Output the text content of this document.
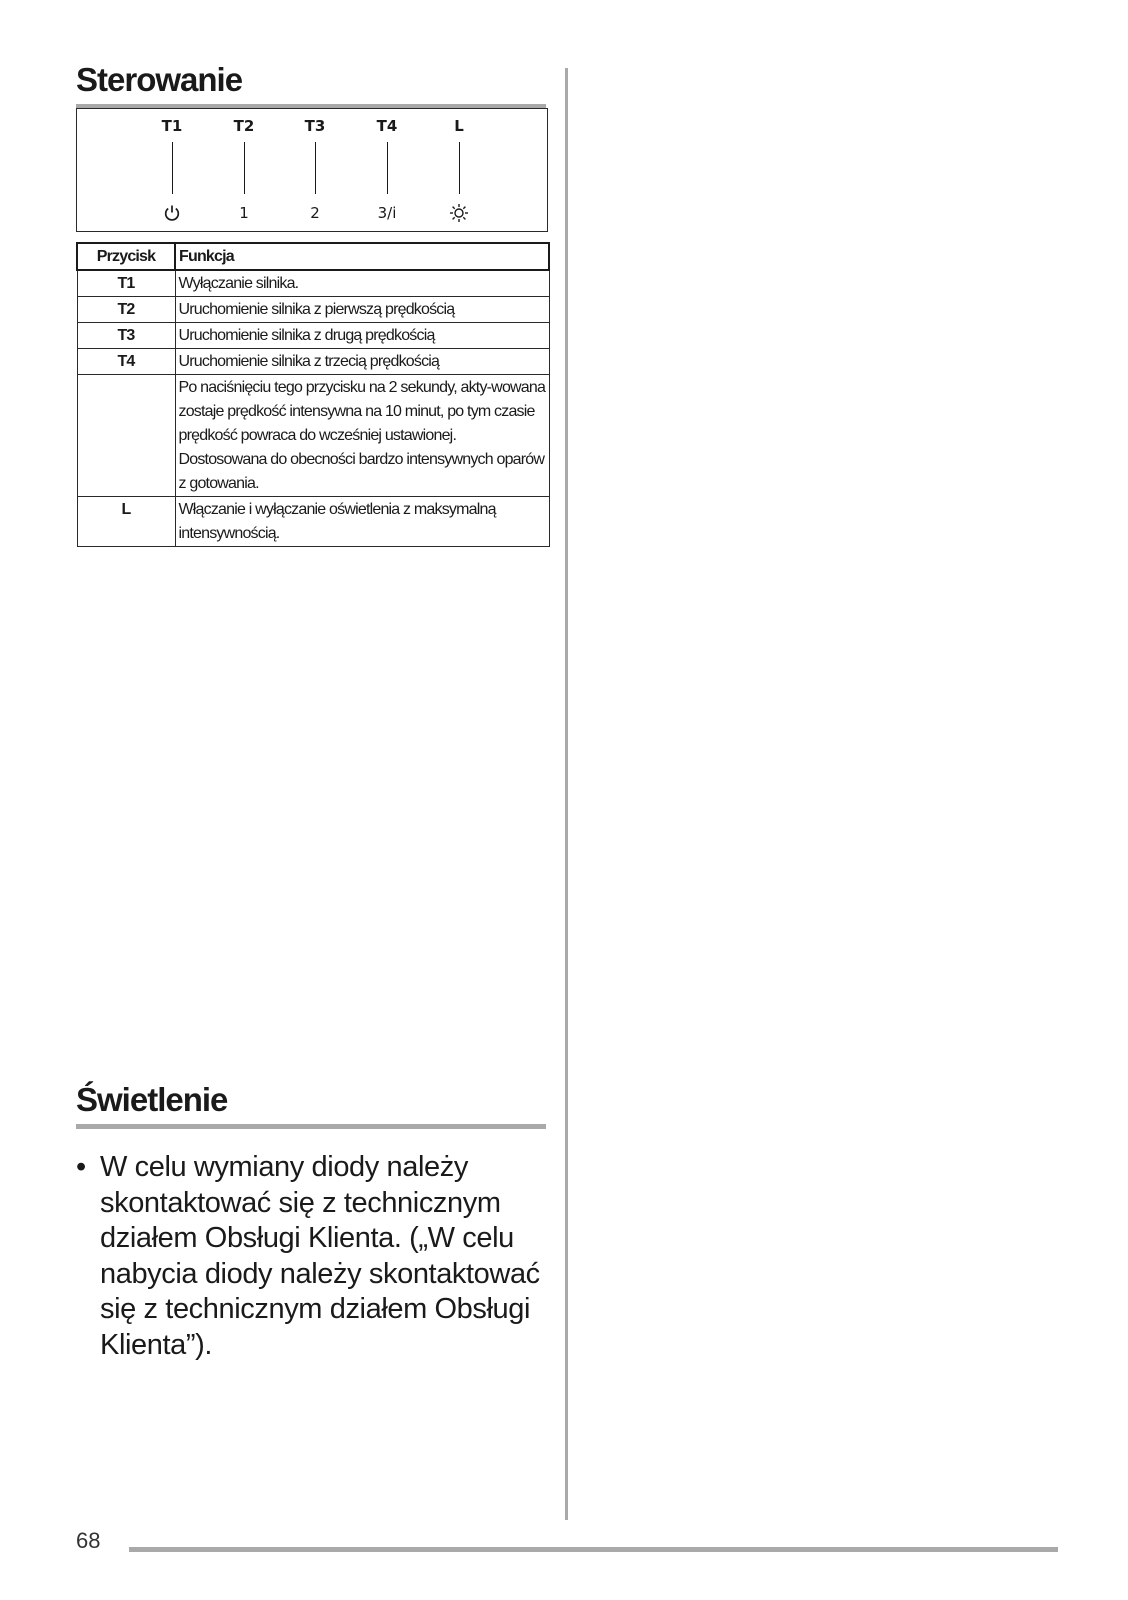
Sterowanie
T1	T2
1
T3
2
T4
3/i
L
Przycisk	Funkcja
T1	Wyłączanie silnika.
T2	Uruchomienie silnika z pierwszą prędkością
T3	Uruchomienie silnika z drugą prędkością
T4	Uruchomienie silnika z trzecią prędkością
	Po naciśnięciu tego przycisku na 2 sekundy, akty-wowana zostaje prędkość intensywna na 10 minut, po tym czasie prędkość powraca do wcześniej ustawionej. Dostosowana do obecności bardzo intensywnych oparów z gotowania.
L	Włączanie i wyłączanie oświetlenia z maksymalną intensywnością.
Świetlenie
• W celu wymiany diody należy skontaktować się z technicznym działem Obsługi Klienta. („W celu nabycia diody należy skontaktować się z technicznym działem Obsługi Klienta”).
68
